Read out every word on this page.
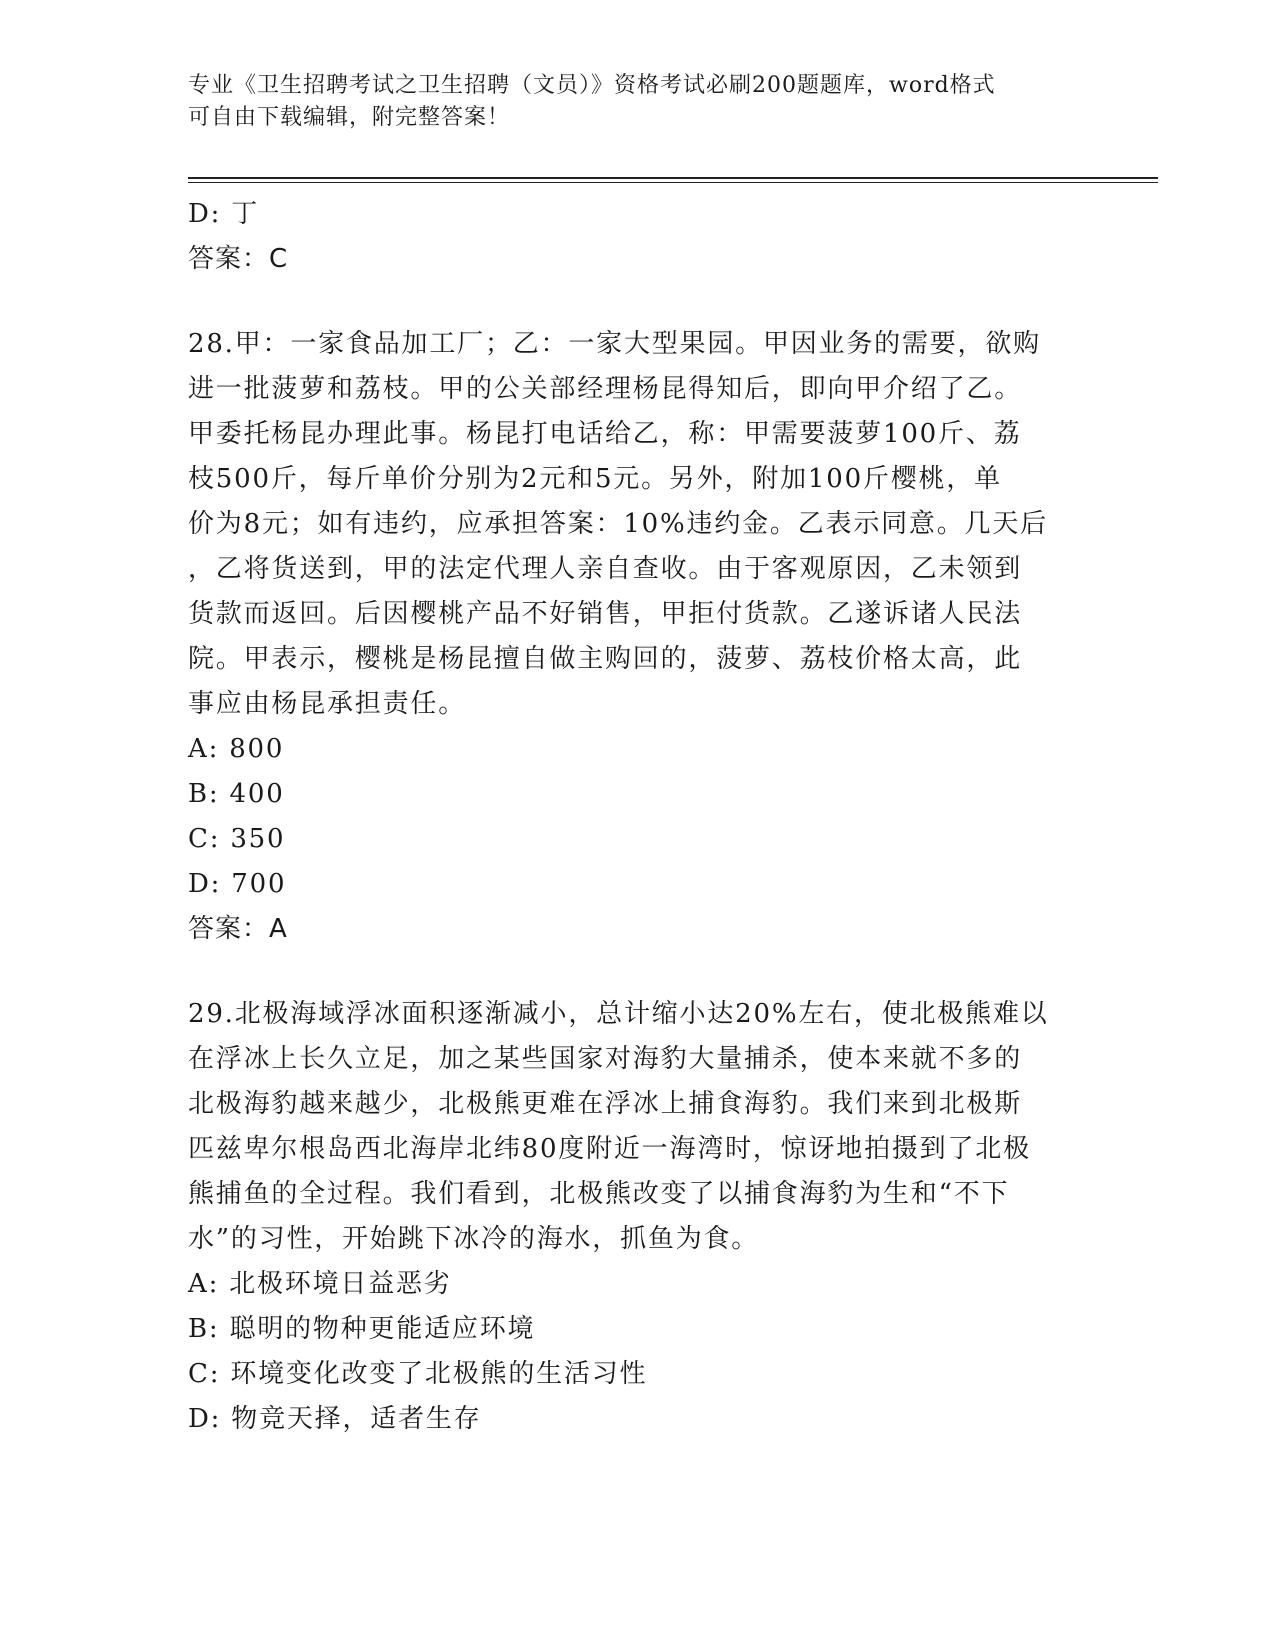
专业《卫生招聘考试之卫生招聘（文员）》资格考试必刷200题题库，word格式
可自由下载编辑，附完整答案！
D: 丁
答案：C
28.甲：一家食品加工厂；乙：一家大型果园。甲因业务的需要，欲购
进一批菠萝和荔枝。甲的公关部经理杨昆得知后，即向甲介绍了乙。
甲委托杨昆办理此事。杨昆打电话给乙，称：甲需要菠萝100斤、荔
枝500斤，每斤单价分别为2元和5元。另外，附加100斤樱桃，单
价为8元；如有违约，应承担答案：10%违约金。乙表示同意。几天后
，乙将货送到，甲的法定代理人亲自查收。由于客观原因，乙未领到
货款而返回。后因樱桃产品不好销售，甲拒付货款。乙遂诉诸人民法
院。甲表示，樱桃是杨昆擅自做主购回的，菠萝、荔枝价格太高，此
事应由杨昆承担责任。
A: 800
B: 400
C: 350
D: 700
答案：A
29.北极海域浮冰面积逐渐减小，总计缩小达20%左右，使北极熊难以
在浮冰上长久立足，加之某些国家对海豹大量捕杀，使本来就不多的
北极海豹越来越少，北极熊更难在浮冰上捕食海豹。我们来到北极斯
匹兹卑尔根岛西北海岸北纬80度附近一海湾时，惊讶地拍摄到了北极
熊捕鱼的全过程。我们看到，北极熊改变了以捕食海豹为生和“不下
水”的习性，开始跳下冰冷的海水，抓鱼为食。
A: 北极环境日益恶劣
B: 聪明的物种更能适应环境
C: 环境变化改变了北极熊的生活习性
D: 物竞天择，适者生存
